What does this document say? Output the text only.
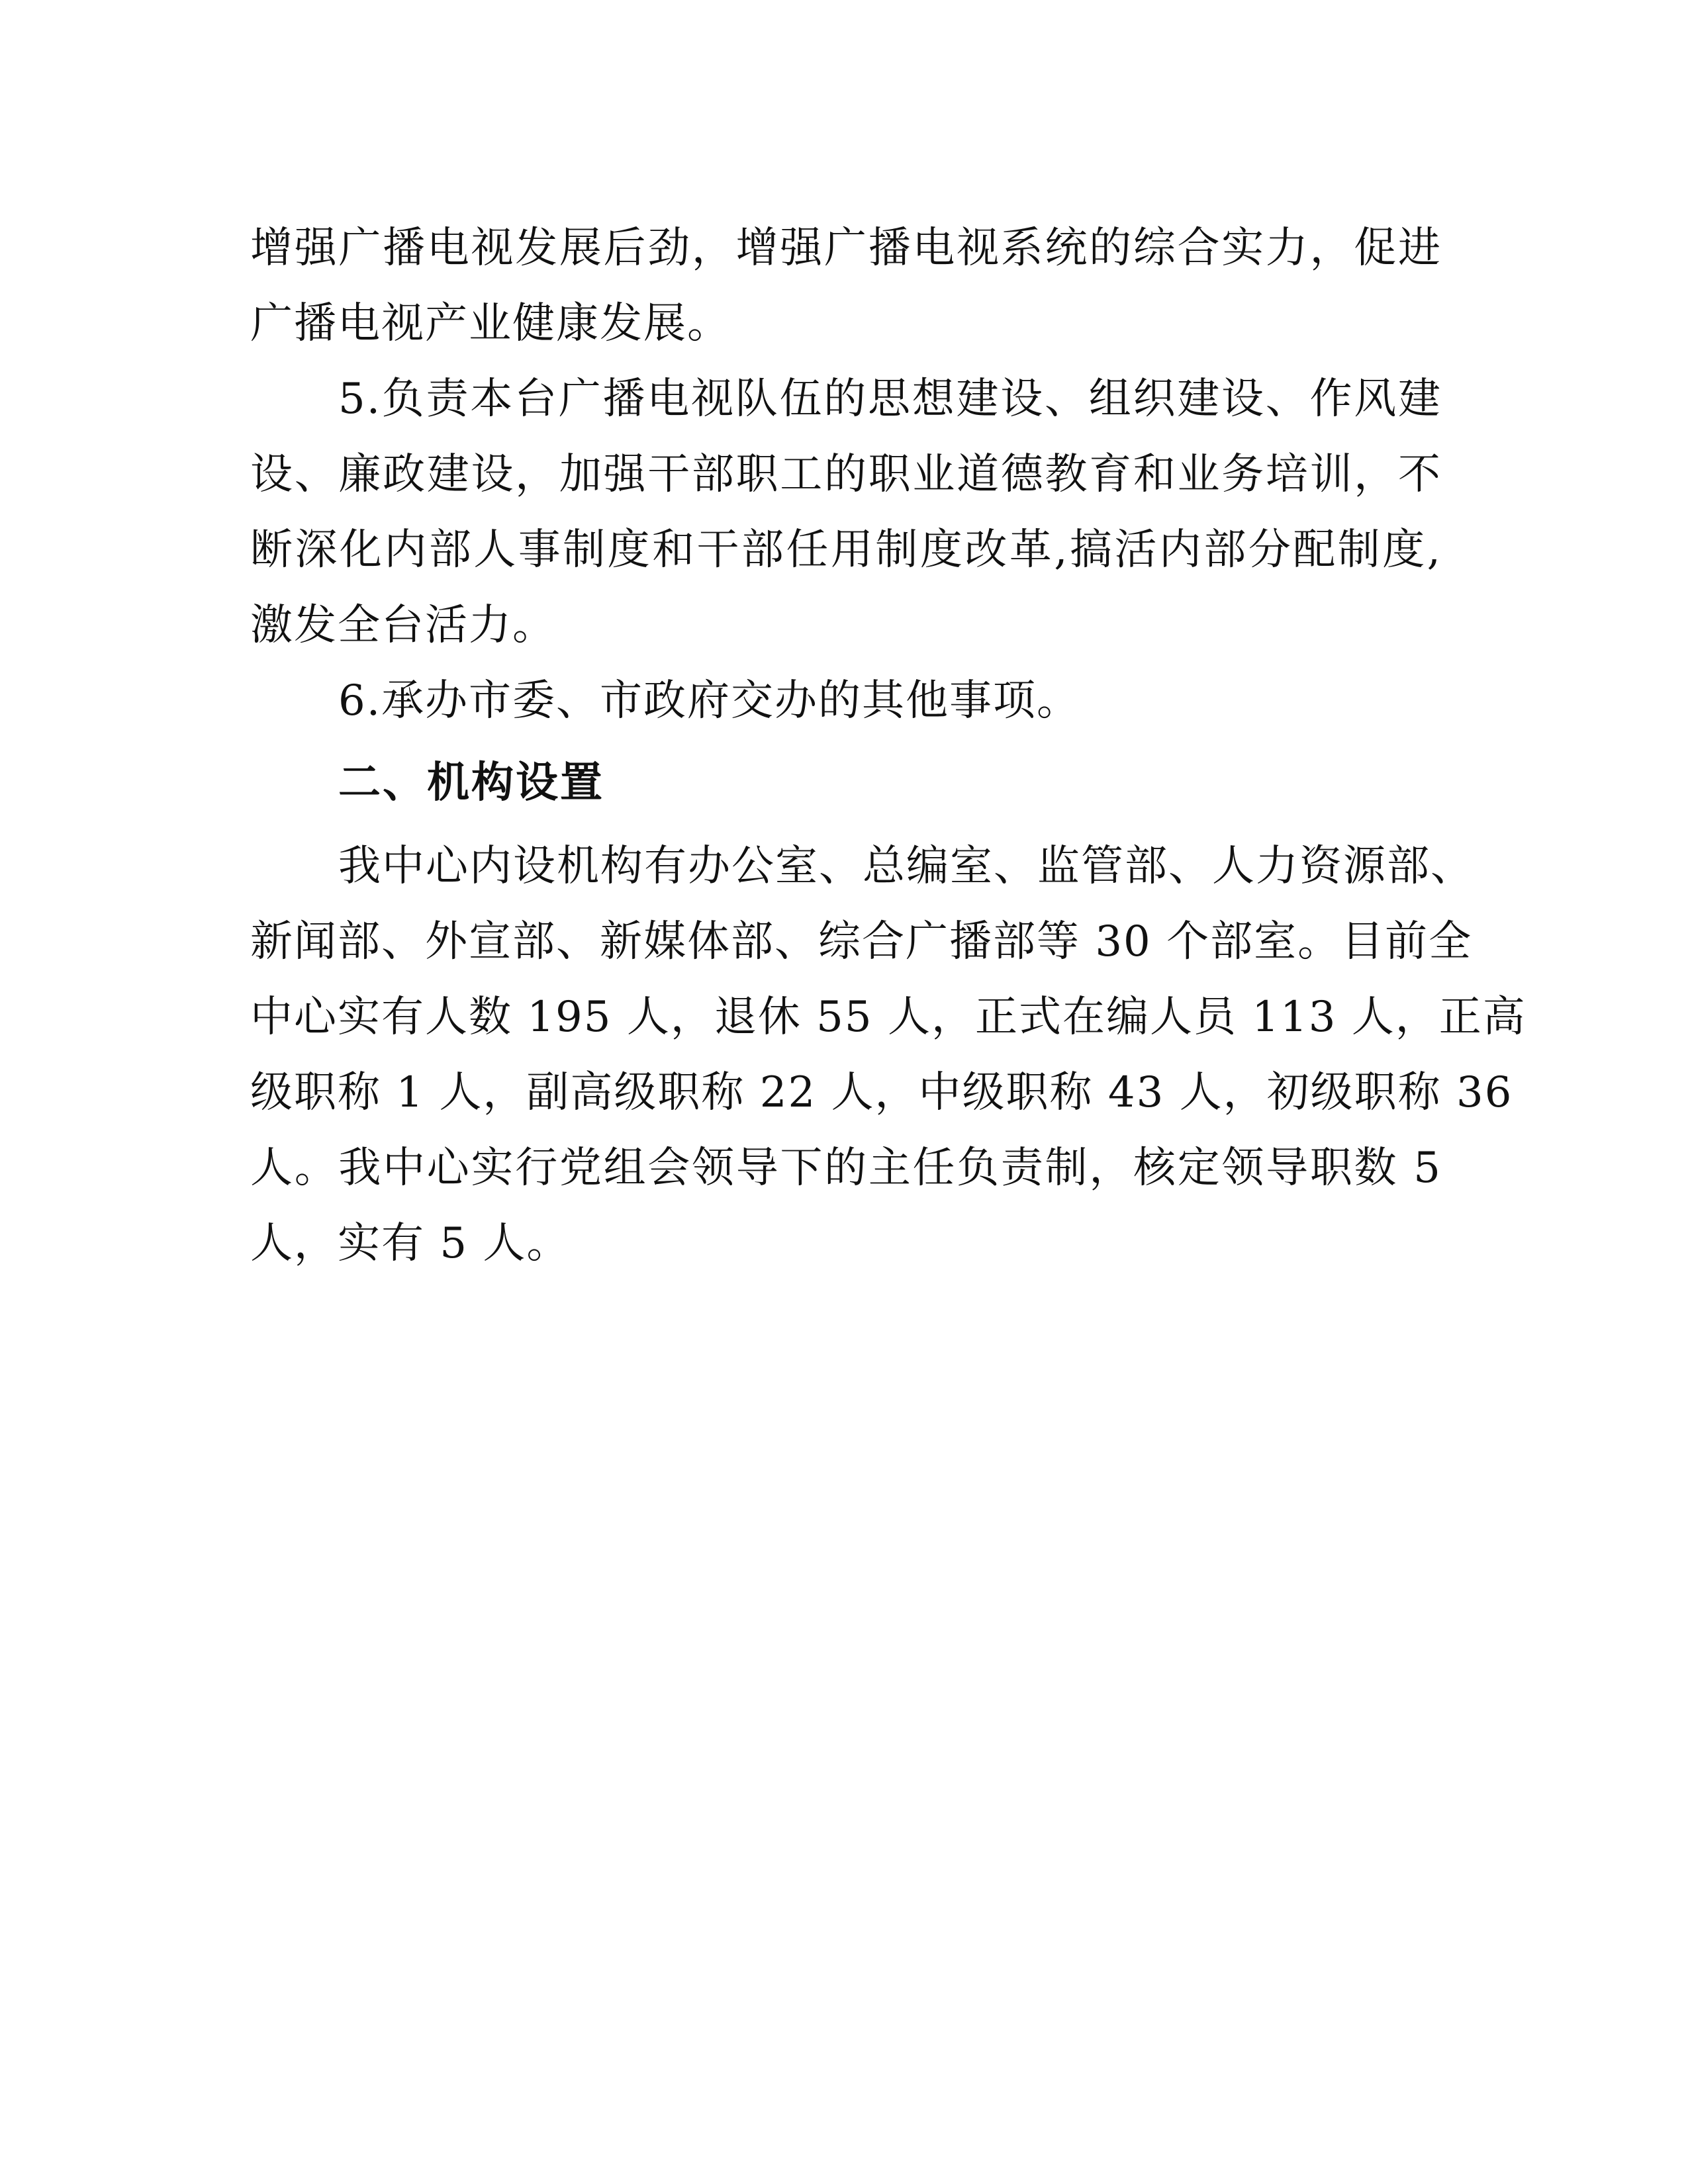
增强广播电视发展后劲，增强广播电视系统的综合实力，促进
广播电视产业健康发展。
5.负责本台广播电视队伍的思想建设、组织建设、作风建
设、廉政建设，加强干部职工的职业道德教育和业务培训，不
断深化内部人事制度和干部任用制度改革,搞活内部分配制度,
激发全台活力。
6.承办市委、市政府交办的其他事项。
二、机构设置
我中心内设机构有办公室、总编室、监管部、人力资源部、
新闻部、外宣部、新媒体部、综合广播部等 30 个部室。目前全
中心实有人数 195 人，退休 55 人，正式在编人员 113 人，正高
级职称 1 人，副高级职称 22 人，中级职称 43 人，初级职称 36
人。我中心实行党组会领导下的主任负责制，核定领导职数 5
人，实有 5 人。
